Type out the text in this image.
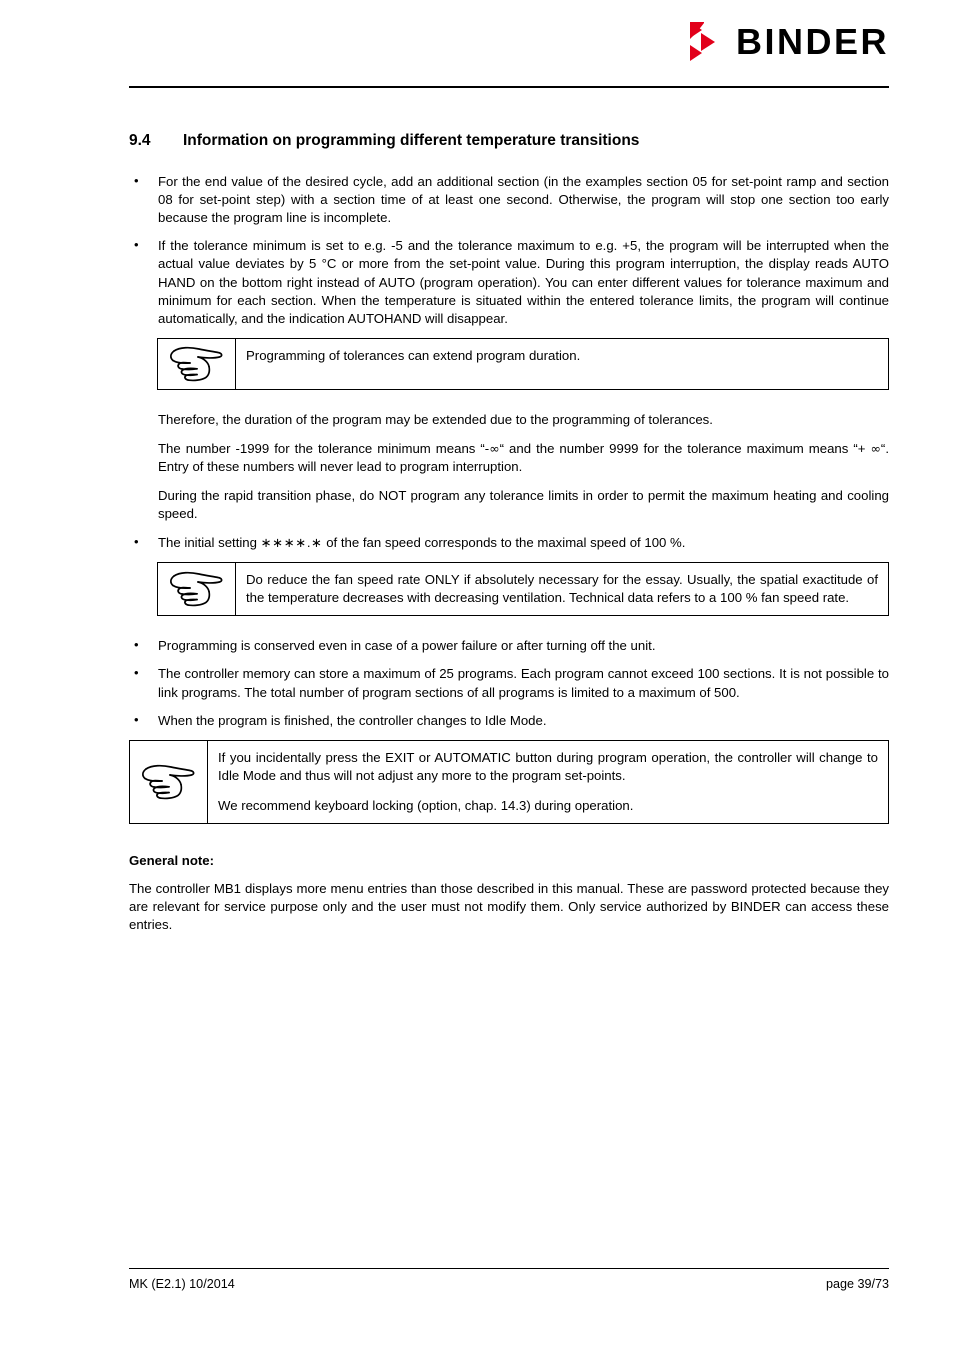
BINDER
9.4	Information on programming different temperature transitions
• For the end value of the desired cycle, add an additional section (in the examples section 05 for set-point ramp and section 08 for set-point step) with a section time of at least one second. Otherwise, the program will stop one section too early because the program line is incomplete.
• If the tolerance minimum is set to e.g. -5 and the tolerance maximum to e.g. +5, the program will be interrupted when the actual value deviates by 5 °C or more from the set-point value. During this program interruption, the display reads AUTO HAND on the bottom right instead of AUTO (program operation). You can enter different values for tolerance maximum and minimum for each section. When the temperature is situated within the entered tolerance limits, the program will continue automatically, and the indication AUTOHAND will disappear.

Programming of tolerances can extend program duration.

Therefore, the duration of the program may be extended due to the programming of tolerances.

The number -1999 for the tolerance minimum means “-∞“ and the number 9999 for the tolerance maximum means “+ ∞“. Entry of these numbers will never lead to program interruption.

During the rapid transition phase, do NOT program any tolerance limits in order to permit the maximum heating and cooling speed.

• The initial setting ∗∗∗∗.∗ of the fan speed corresponds to the maximal speed of 100 %.

Do reduce the fan speed rate ONLY if absolutely necessary for the essay. Usually, the spatial exactitude of the temperature decreases with decreasing ventilation. Technical data refers to a 100 % fan speed rate.

• Programming is conserved even in case of a power failure or after turning off the unit.
• The controller memory can store a maximum of 25 programs. Each program cannot exceed 100 sections. It is not possible to link programs. The total number of program sections of all programs is limited to a maximum of 500.
• When the program is finished, the controller changes to Idle Mode.

If you incidentally press the EXIT or AUTOMATIC button during program operation, the controller will change to Idle Mode and thus will not adjust any more to the program set-points.

We recommend keyboard locking (option, chap. 14.3) during operation.

General note:

The controller MB1 displays more menu entries than those described in this manual. These are password protected because they are relevant for service purpose only and the user must not modify them. Only service authorized by BINDER can access these entries.

MK (E2.1) 10/2014	page 39/73
